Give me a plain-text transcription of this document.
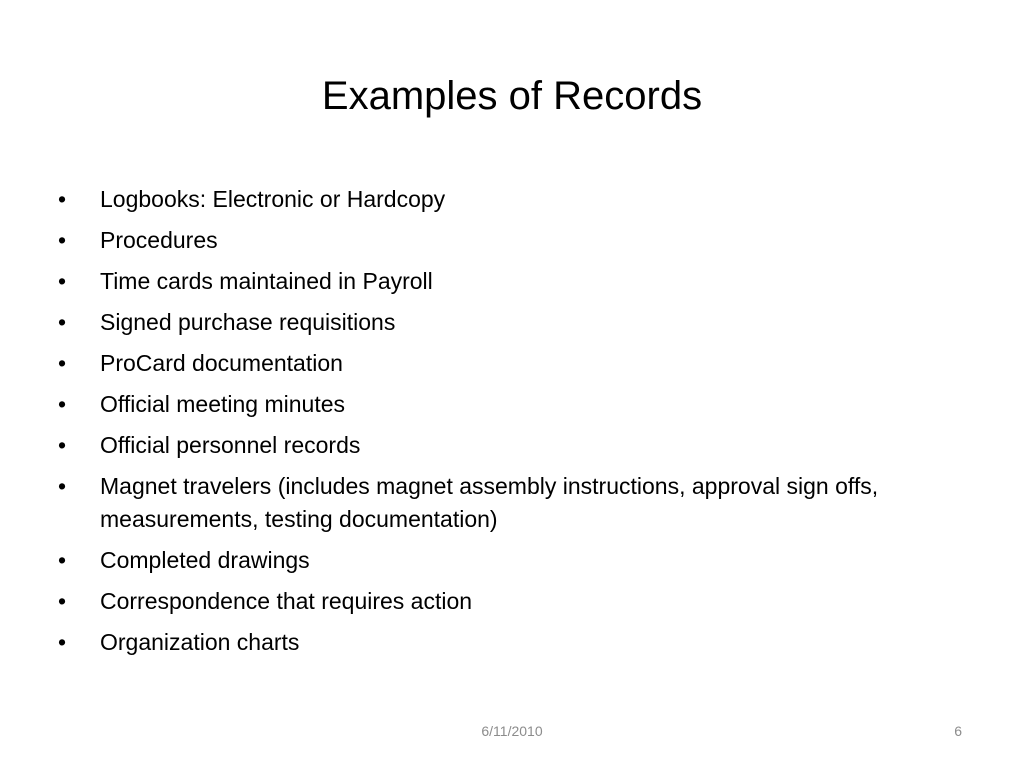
Examples of Records
•	Logbooks: Electronic or Hardcopy
•	Procedures
•	Time cards maintained in Payroll
•	Signed purchase requisitions
•	ProCard documentation
•	Official meeting minutes
•	Official personnel records
•	Magnet travelers (includes magnet assembly instructions, approval sign offs, measurements, testing documentation)
•	Completed drawings
•	Correspondence that requires action
•	Organization charts
6/11/2010	6
